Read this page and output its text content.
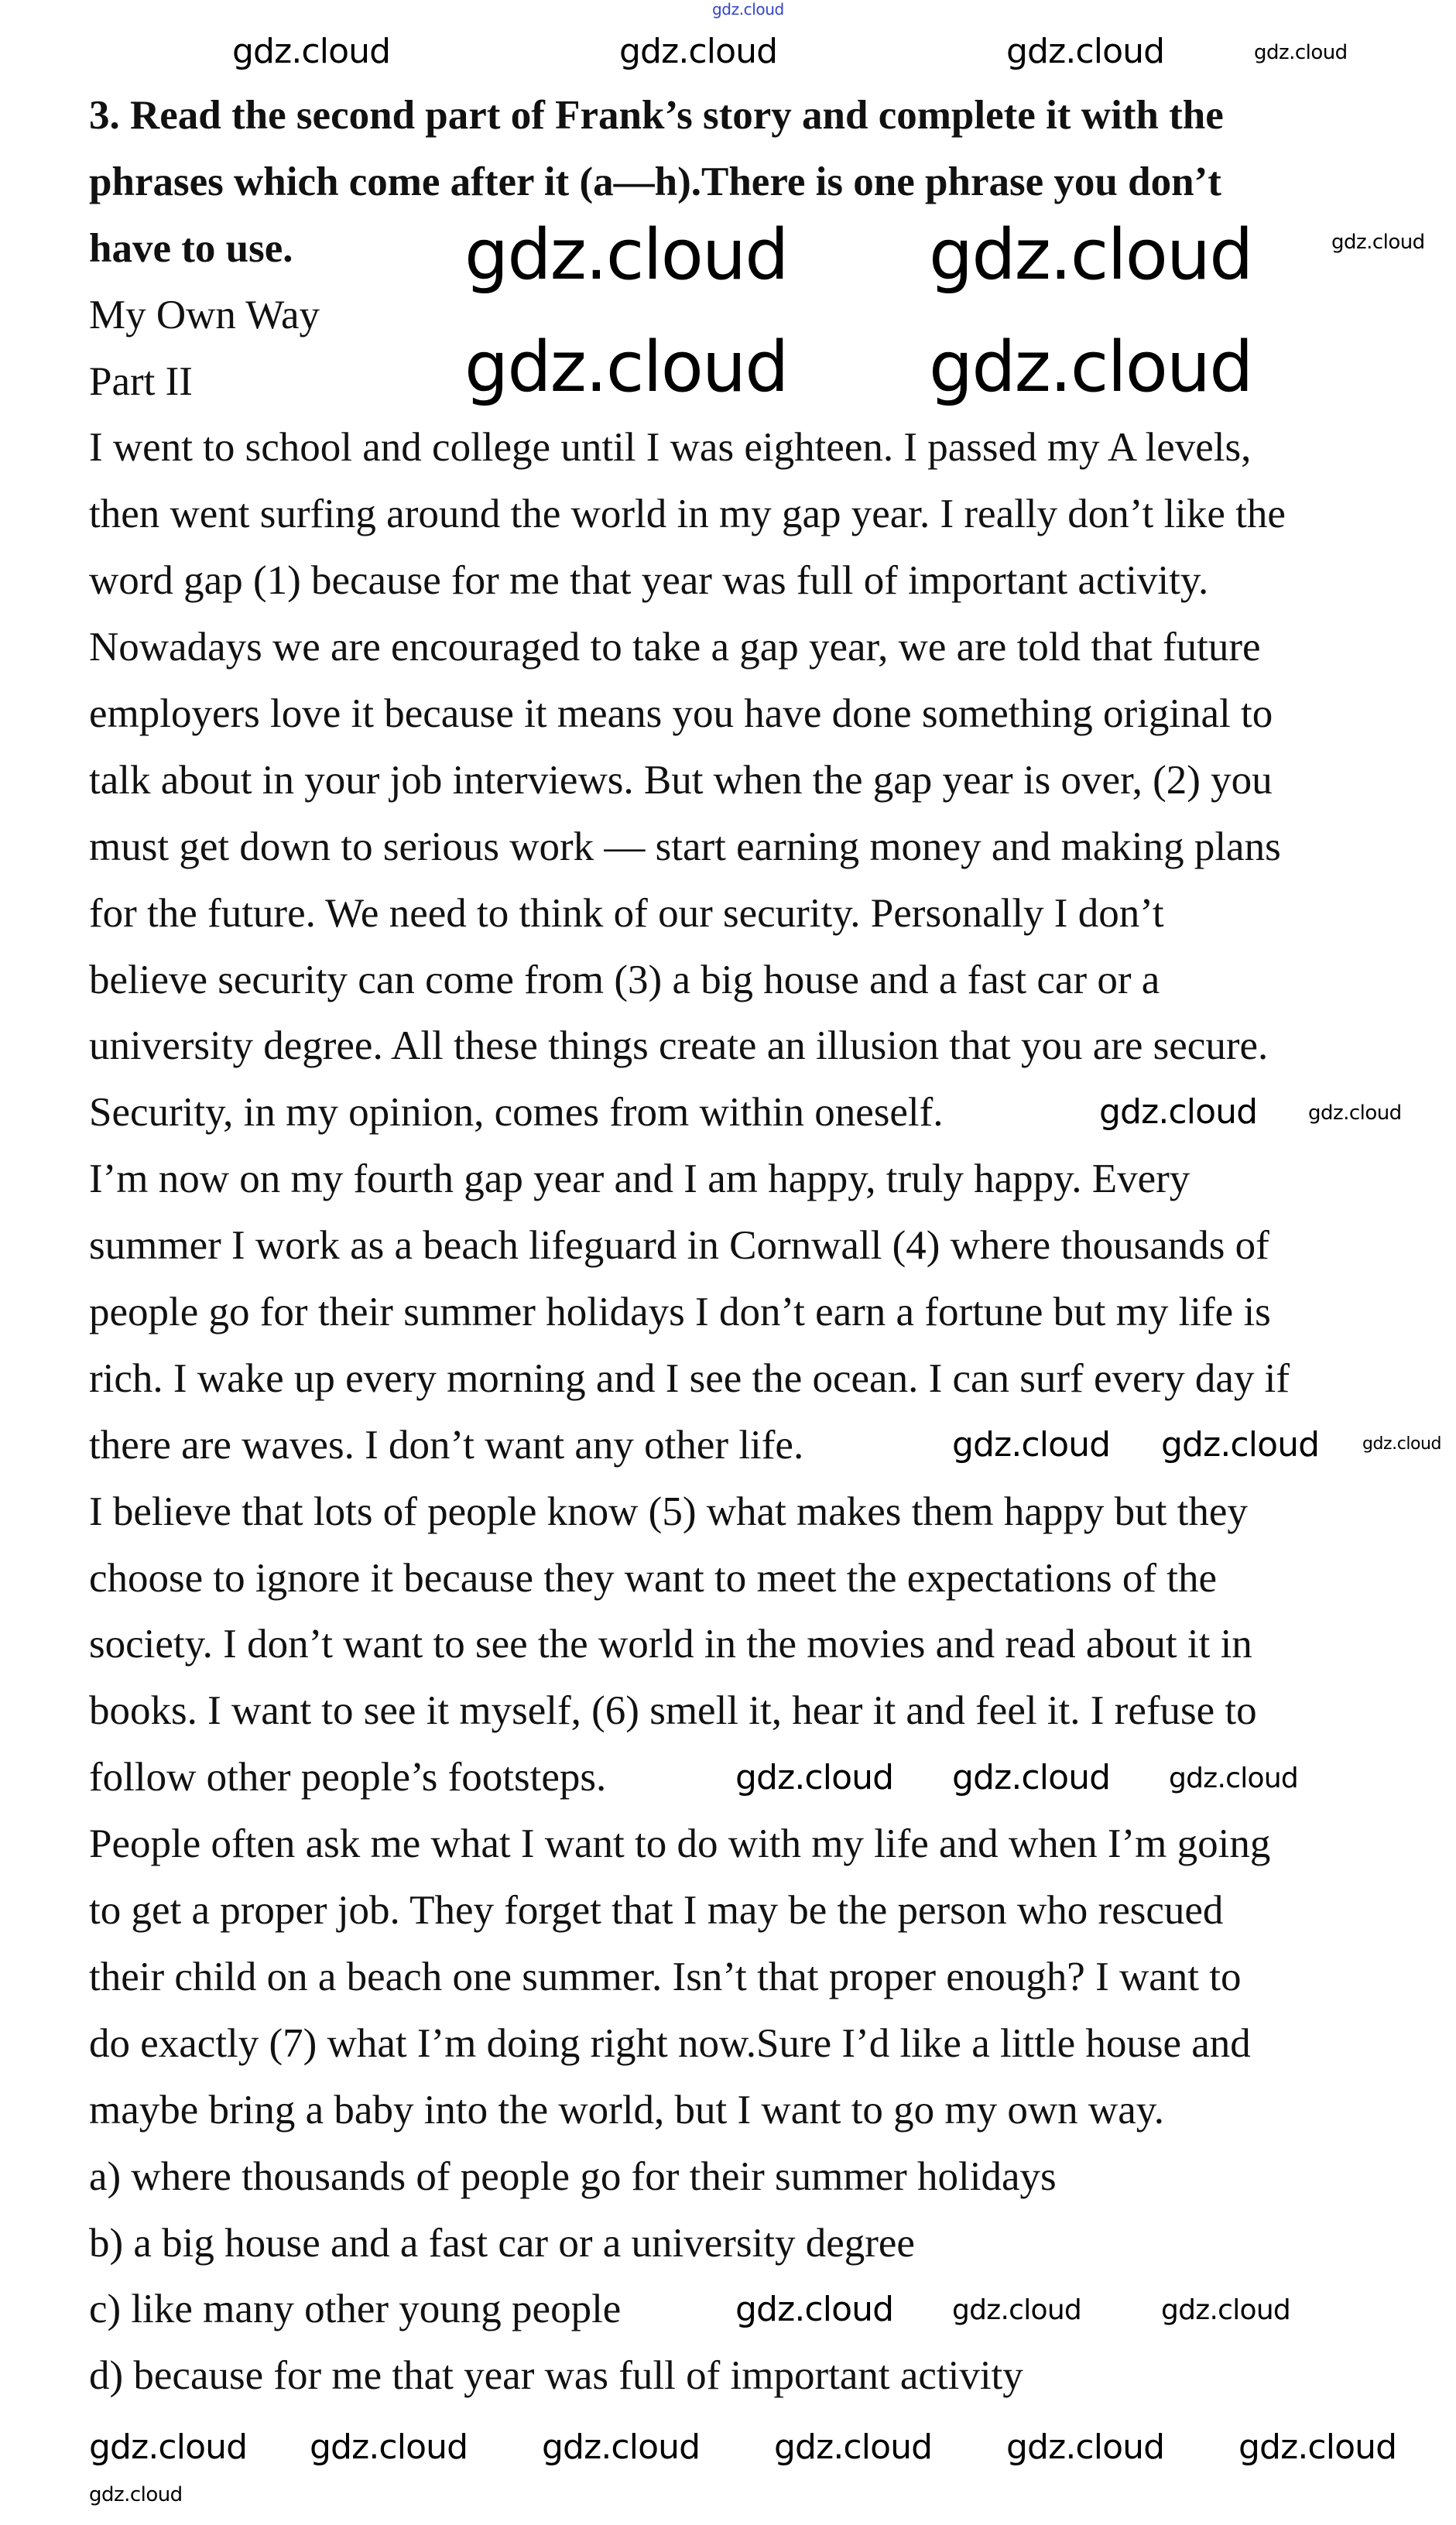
3. Read the second part of Frank’s story and complete it with the
phrases which come after it (a—h).There is one phrase you don’t
have to use.
My Own Way
Part II
I went to school and college until I was eighteen. I passed my A levels,
then went surfing around the world in my gap year. I really don’t like the
word gap (1) because for me that year was full of important activity.
Nowadays we are encouraged to take a gap year, we are told that future
employers love it because it means you have done something original to
talk about in your job interviews. But when the gap year is over, (2) you
must get down to serious work — start earning money and making plans
for the future. We need to think of our security. Personally I don’t
believe security can come from (3) a big house and a fast car or a
university degree. All these things create an illusion that you are secure.
Security, in my opinion, comes from within oneself.
I’m now on my fourth gap year and I am happy, truly happy. Every
summer I work as a beach lifeguard in Cornwall (4) where thousands of
people go for their summer holidays I don’t earn a fortune but my life is
rich. I wake up every morning and I see the ocean. I can surf every day if
there are waves. I don’t want any other life.
I believe that lots of people know (5) what makes them happy but they
choose to ignore it because they want to meet the expectations of the
society. I don’t want to see the world in the movies and read about it in
books. I want to see it myself, (6) smell it, hear it and feel it. I refuse to
follow other people’s footsteps.
People often ask me what I want to do with my life and when I’m going
to get a proper job. They forget that I may be the person who rescued
their child on a beach one summer. Isn’t that proper enough? I want to
do exactly (7) what I’m doing right now.Sure I’d like a little house and
maybe bring a baby into the world, but I want to go my own way.
a) where thousands of people go for their summer holidays
b) a big house and a fast car or a university degree
c) like many other young people
d) because for me that year was full of important activity
gdz.cloud
gdz.cloud	gdz.cloud	gdz.cloud	gdz.cloud
gdz.cloud gdz.cloud
gdz.cloud gdz.cloud
gdz.cloud
gdz.cloud	gdz.cloud
gdz.cloud gdz.cloud	gdz.cloud
gdz.cloud gdz.cloud gdz.cloud
gdz.cloud gdz.cloud	gdz.cloud
gdz.cloud gdz.cloud gdz.cloud gdz.cloud gdz.cloud gdz.cloud
gdz.cloud
